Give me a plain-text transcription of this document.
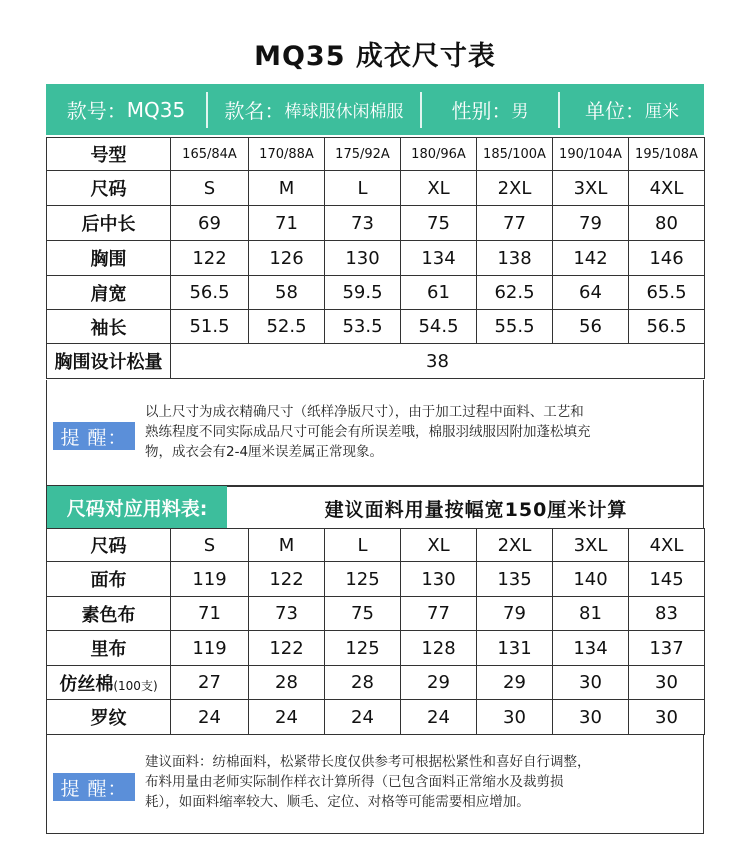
MQ35 成衣尺寸表
款号： MQ35 款名： 棒球服休闲棉服 性别： 男	单位： 厘米
号型	165/84A	170/88A	175/92A	180/96A	185/100A	190/104A	195/108A
尺码	S	M	L	XL	2XL	3XL	4XL
后中长	69	71	73	75	77	79	80
胸围	122	126	130	134	138	142	146
肩宽	56.5	58	59.5	61	62.5	64	65.5
袖长	51.5	52.5	53.5	54.5	55.5	56	56.5
胸围设计松量	38						
提 醒：
以上尺寸为成衣精确尺寸（纸样净版尺寸），由于加工过程中面料、工艺和
熟练程度不同实际成品尺寸可能会有所误差哦，棉服羽绒服因附加蓬松填充
物，成衣会有2-4厘米误差属正常现象。
尺码对应用料表:	建议面料用量按幅宽150厘米计算
尺码	S	M	L	XL	2XL	3XL	4XL
面布	119	122	125	130	135	140	145
素色布	71	73	75	77	79	81	83
里布	119	122	125	128	131	134	137
仿丝棉(100支)	27	28	28	29	29	30	30
罗纹	24	24	24	24	30	30	30
提 醒：
建议面料：纺棉面料，松紧带长度仅供参考可根据松紧性和喜好自行调整，
布料用量由老师实际制作样衣计算所得（已包含面料正常缩水及裁剪损
耗），如面料缩率较大、顺毛、定位、对格等可能需要相应增加。
